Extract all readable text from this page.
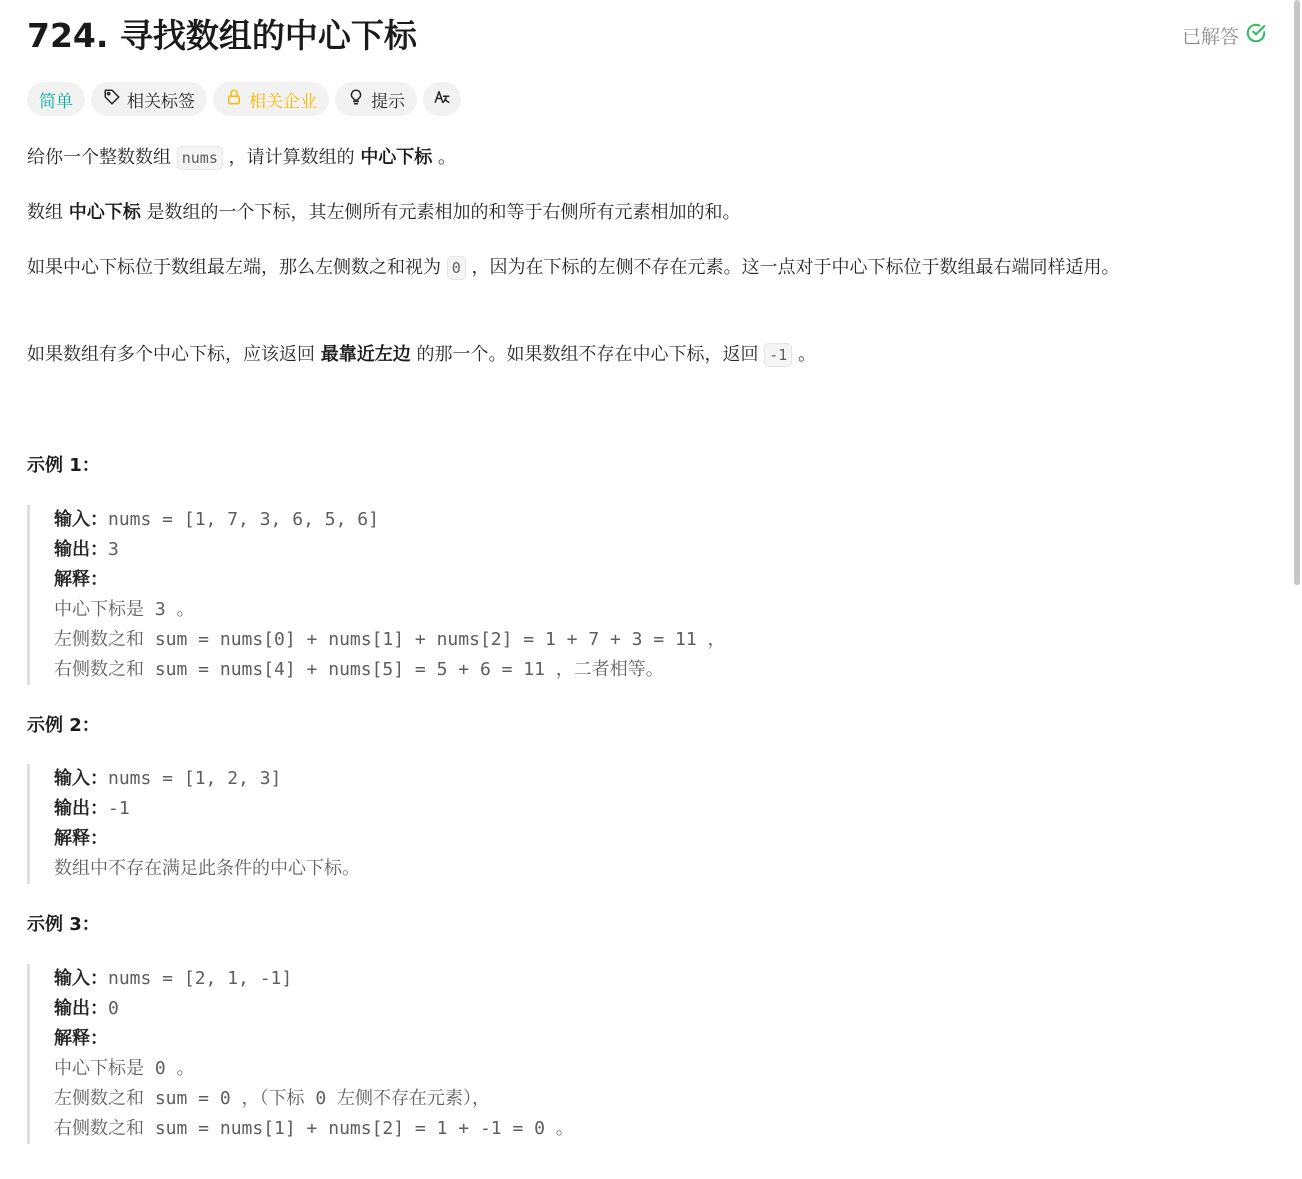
724. 寻找数组的中心下标	已解答
简单	相关标签	相关企业	提示
给你一个整数数组 nums ，请计算数组的 中心下标 。
数组 中心下标 是数组的一个下标，其左侧所有元素相加的和等于右侧所有元素相加的和。
如果中心下标位于数组最左端，那么左侧数之和视为 0 ，因为在下标的左侧不存在元素。这一点对于中心下标位于数组最右端同样适用。
如果数组有多个中心下标，应该返回 最靠近左边 的那一个。如果数组不存在中心下标，返回 -1 。
示例 1：
输入：nums = [1, 7, 3, 6, 5, 6]
输出：3
解释：
中心下标是 3 。
左侧数之和 sum = nums[0] + nums[1] + nums[2] = 1 + 7 + 3 = 11 ，
右侧数之和 sum = nums[4] + nums[5] = 5 + 6 = 11 ，二者相等。
示例 2：
输入：nums = [1, 2, 3]
输出：-1
解释：
数组中不存在满足此条件的中心下标。
示例 3：
输入：nums = [2, 1, -1]
输出：0
解释：
中心下标是 0 。
左侧数之和 sum = 0 ，（下标 0 左侧不存在元素），
右侧数之和 sum = nums[1] + nums[2] = 1 + -1 = 0 。
